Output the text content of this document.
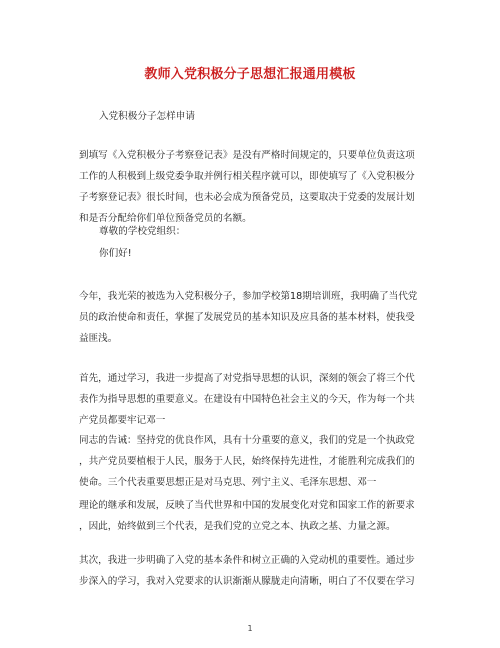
教师入党积极分子思想汇报通用模板
入党积极分子怎样申请
到填写《入党积极分子考察登记表》是没有严格时间规定的，只要单位负责这项
工作的人积极到上级党委争取并例行相关程序就可以，即使填写了《入党积极分
子考察登记表》很长时间，也未必会成为预备党员，这要取决于党委的发展计划
和是否分配给你们单位预备党员的名额。
尊敬的学校党组织：
你们好!
今年，我光荣的被选为入党积极分子，参加学校第18期培训班，我明确了当代党
员的政治使命和责任，掌握了发展党员的基本知识及应具备的基本材料，使我受
益匪浅。
首先，通过学习，我进一步提高了对党指导思想的认识，深刻的领会了将三个代
表作为指导思想的重要意义。在建设有中国特色社会主义的今天，作为每一个共
产党员都要牢记邓一
同志的告诫：坚持党的优良作风，具有十分重要的意义，我们的党是一个执政党
，共产党员要植根于人民，服务于人民，始终保持先进性，才能胜利完成我们的
使命。三个代表重要思想正是对马克思、列宁主义、毛泽东思想、邓一
理论的继承和发展，反映了当代世界和中国的发展变化对党和国家工作的新要求
，因此，始终做到三个代表，是我们党的立党之本、执政之基、力量之源。
其次，我进一步明确了入党的基本条件和树立正确的入党动机的重要性。通过步
步深入的学习，我对入党要求的认识渐渐从朦胧走向清晰，明白了不仅要在学习
1
